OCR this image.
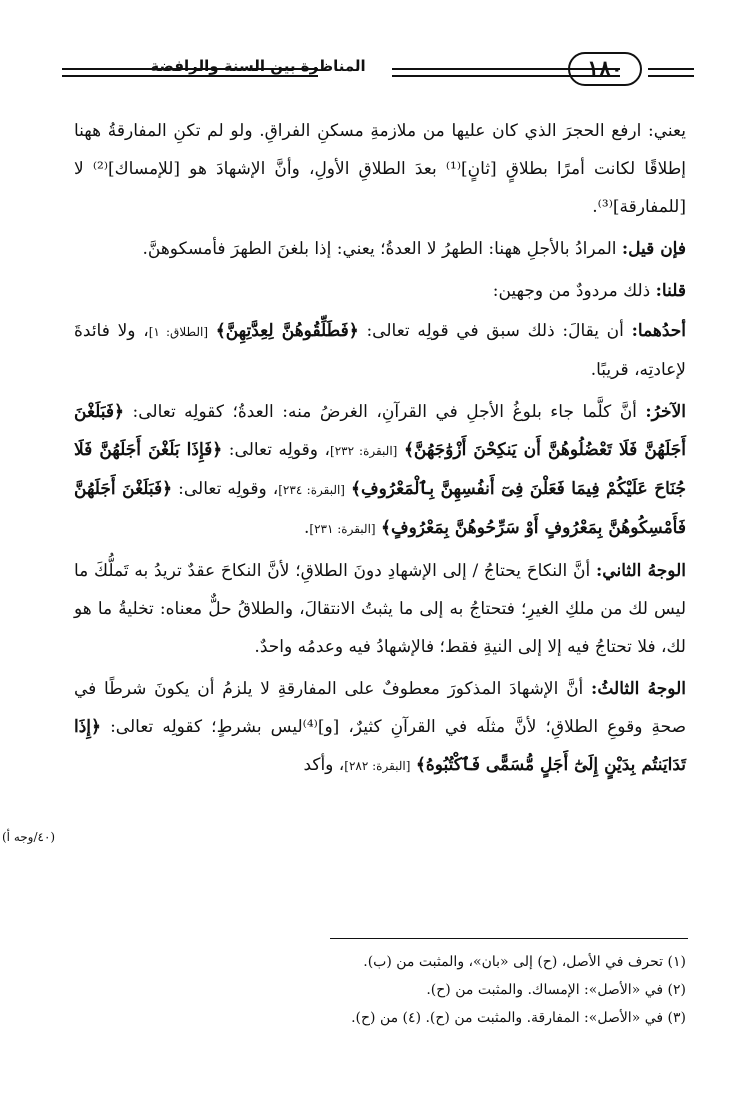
المناظرة بين السنة والرافضة	١٨٠

يعني: ارفع الحجرَ الذي كان عليها من ملازمةِ مسكنِ الفراقِ. ولو لم تكنِ المفارقةُ ههنا إطلاقًا لكانت أمرًا بطلاقٍ [ثانٍ]⁽¹⁾ بعدَ الطلاقِ الأولِ، وأنَّ الإشهادَ هو [للإمساك]⁽²⁾ لا [للمفارقة]⁽³⁾.

فإن قيل: المرادُ بالأجلِ ههنا: الطهرُ لا العدةُ؛ يعني: إذا بلغنَ الطهرَ فأمسكوهنَّ.

قلنا: ذلك مردودٌ من وجهين:

أحدُهما: أن يقالَ: ذلك سبق في قولِه تعالى: ﴿فَطَلِّقُوهُنَّ لِعِدَّتِهِنَّ﴾ [الطلاق: ١]، ولا فائدةَ لإعادتِه، قريبًا.

الآخرُ: أنَّ كلَّما جاء بلوغُ الأجلِ في القرآنِ، الغرضُ منه: العدةُ؛ كقولِه تعالى: ﴿فَبَلَغْنَ أَجَلَهُنَّ فَلَا تَعْضُلُوهُنَّ أَن يَنكِحْنَ أَزْوَٰجَهُنَّ﴾ [البقرة: ٢٣٢]، وقولِه تعالى: ﴿فَإِذَا بَلَغْنَ أَجَلَهُنَّ فَلَا جُنَاحَ عَلَيْكُمْ فِيمَا فَعَلْنَ فِىٓ أَنفُسِهِنَّ بِٱلْمَعْرُوفِ﴾ [البقرة: ٢٣٤]، وقولِه تعالى: ﴿فَبَلَغْنَ أَجَلَهُنَّ فَأَمْسِكُوهُنَّ بِمَعْرُوفٍ أَوْ سَرِّحُوهُنَّ بِمَعْرُوفٍ﴾ [البقرة: ٢٣١].

الوجهُ الثاني: أنَّ النكاحَ يحتاجُ / إلى الإشهادِ دونَ الطلاقِ؛ لأنَّ النكاحَ عقدٌ تريدُ به تَملُّكَ ما ليس لك من ملكِ الغيرِ؛ فتحتاجُ به إلى ما يثبتُ الانتقالَ، والطلاقُ حلٌّ معناه: تخليةُ ما هو لك، فلا تحتاجُ فيه إلا إلى النيةِ فقط؛ فالإشهادُ فيه وعدمُه واحدٌ.

الوجهُ الثالثُ: أنَّ الإشهادَ المذكورَ معطوفٌ على المفارقةِ لا يلزمُ أن يكونَ شرطًا في صحةِ وقوعِ الطلاقِ؛ لأنَّ مثلَه في القرآنِ كثيرٌ، [و]⁽⁴⁾ليس بشرطٍ؛ كقولِه تعالى: ﴿إِذَا تَدَايَنتُم بِدَيْنٍ إِلَىٰٓ أَجَلٍ مُّسَمًّى فَٱكْتُبُوهُ﴾ [البقرة: ٢٨٢]، وأكد

(٤٠/وجه أ)
(١) تحرف في الأصل، (ح) إلى «بان»، والمثبت من (ب).
(٢) في «الأصل»: الإمساك. والمثبت من (ح).
(٣) في «الأصل»: المفارقة. والمثبت من (ح). (٤) من (ح).
